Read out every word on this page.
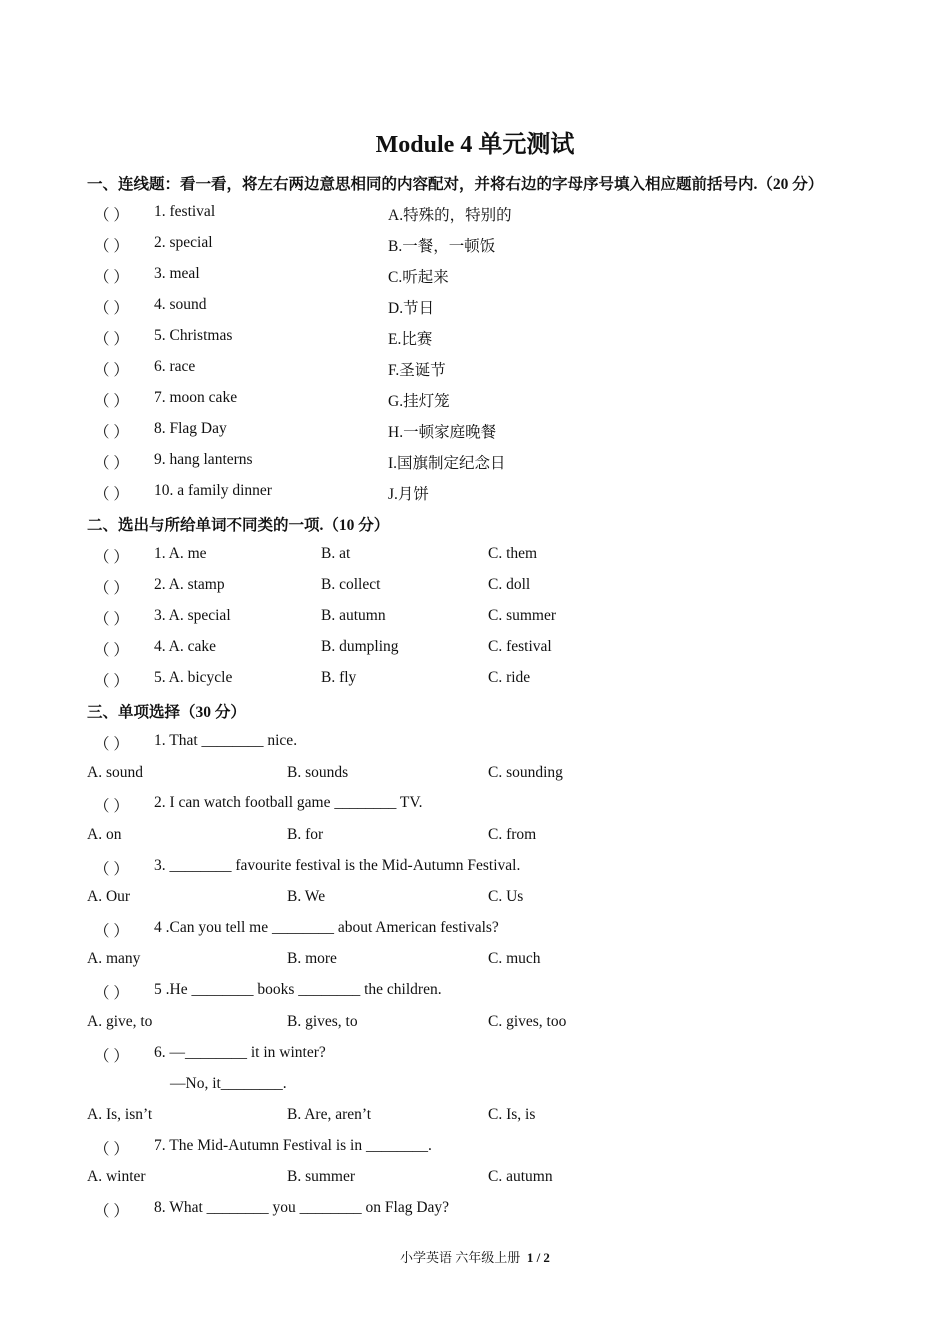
Module 4 单元测试
一、连线题：看一看，将左右两边意思相同的内容配对，并将右边的字母序号填入相应题前括号内.（20 分）
（ ） 1. festival	A.特殊的，特别的
（ ） 2. special	B.一餐，一顿饭
（ ） 3. meal	C.听起来
（ ） 4. sound	D.节日
（ ） 5. Christmas	E.比赛
（ ） 6. race	F.圣诞节
（ ） 7. moon cake	G.挂灯笼
（ ） 8. Flag Day	H.一顿家庭晚餐
（ ） 9. hang lanterns	I.国旗制定纪念日
（ ） 10. a family dinner	J.月饼
二、选出与所给单词不同类的一项.（10 分）
（ ） 1. A. me	B. at	C. them
（ ） 2. A. stamp	B. collect	C. doll
（ ） 3. A. special	B. autumn	C. summer
（ ） 4. A. cake	B. dumpling	C. festival
（ ） 5. A. bicycle	B. fly	C. ride
三、单项选择（30 分）
（ ） 1. That ________ nice.
A. sound	B. sounds	C. sounding
（ ） 2. I can watch football game ________ TV.
A. on	B. for	C. from
（ ） 3. ________ favourite festival is the Mid-Autumn Festival.
A. Our	B. We	C. Us
（ ） 4 .Can you tell me ________ about American festivals?
A. many	B. more	C. much
（ ） 5 .He ________ books ________ the children.
A. give, to	B. gives, to	C. gives, too
（ ） 6. —________ it in winter?
—No, it________.
A. Is, isn’t	B. Are, aren’t	C. Is, is
（ ） 7. The Mid-Autumn Festival is in ________.
A. winter	B. summer	C. autumn
（ ） 8. What ________ you ________ on Flag Day?
小学英语 六年级上册 1 / 2
